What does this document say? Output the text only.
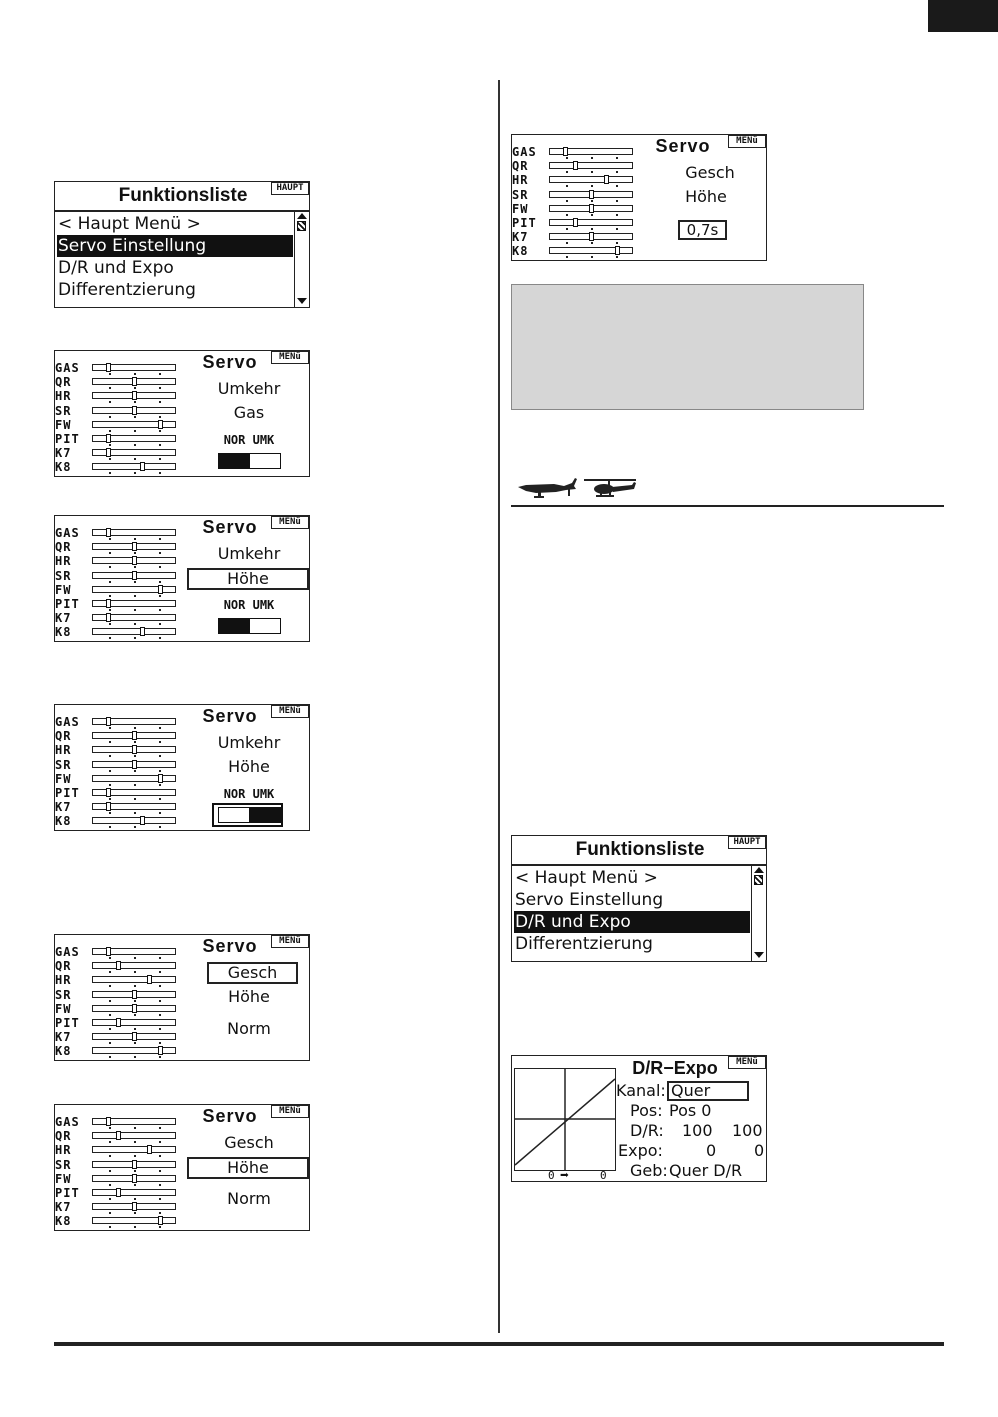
Funktionsliste	HAUPT
< Haupt Menü >
Servo Einstellung
D/R und Expo
Differentzierung
GAS
QR
HR
SR
FW
PIT
K7
K8
Servo	MENü
Umkehr
Gas
NOR UMK
GAS
QR
HR
SR
FW
PIT
K7
K8
Servo	MENü
Umkehr
Höhe
NOR UMK
GAS
QR
HR
SR
FW
PIT
K7
K8
Servo	MENü
Umkehr
Höhe
NOR UMK
GAS
QR
HR
SR
FW
PIT
K7
K8
Servo	MENü
Gesch
Höhe
Norm
GAS
QR
HR
SR
FW
PIT
K7
K8
Servo	MENü
Gesch
Höhe
Norm
GAS
QR
HR
SR
FW
PIT
K7
K8
Servo	MENü
Gesch
Höhe
0,7s
Funktionsliste	HAUPT
< Haupt Menü >
Servo Einstellung
D/R und Expo
Differentzierung
0 ➡	0
D/R−Expo	MENü
Kanal: Quer
Pos: Pos 0
D/R: 100 100
Expo:	0 0
Geb: Quer D/R
